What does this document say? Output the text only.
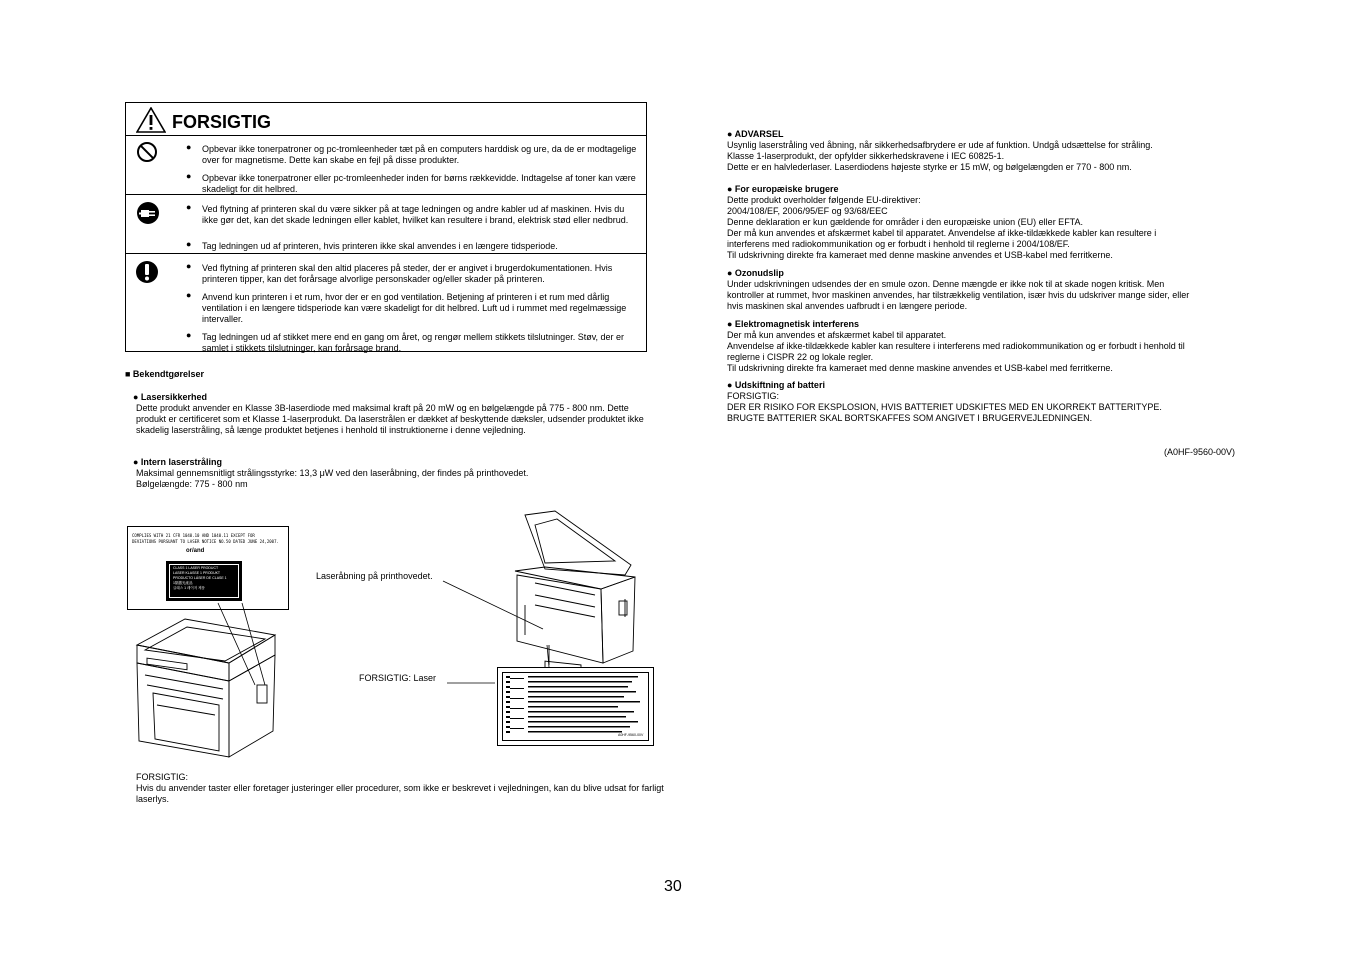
FORSIGTIG
● Opbevar ikke tonerpatroner og pc-tromleenheder tæt på en computers harddisk og ure, da de er modtagelige over for magnetisme. Dette kan skabe en fejl på disse produkter.
● Opbevar ikke tonerpatroner eller pc-tromleenheder inden for børns rækkevidde. Indtagelse af toner kan være skadeligt for dit helbred.
● Ved flytning af printeren skal du være sikker på at tage ledningen og andre kabler ud af maskinen. Hvis du ikke gør det, kan det skade ledningen eller kablet, hvilket kan resultere i brand, elektrisk stød eller nedbrud.
● Tag ledningen ud af printeren, hvis printeren ikke skal anvendes i en længere tidsperiode.
● Ved flytning af printeren skal den altid placeres på steder, der er angivet i brugerdokumentationen. Hvis printeren tipper, kan det forårsage alvorlige personskader og/eller skader på printeren.
● Anvend kun printeren i et rum, hvor der er en god ventilation. Betjening af printeren i et rum med dårlig ventilation i en længere tidsperiode kan være skadeligt for dit helbred. Luft ud i rummet med regelmæssige intervaller.
● Tag ledningen ud af stikket mere end en gang om året, og rengør mellem stikkets tilslutninger. Støv, der er samlet i stikkets tilslutninger, kan forårsage brand.
■ Bekendtgørelser
● Lasersikkerhed
Dette produkt anvender en Klasse 3B-laserdiode med maksimal kraft på 20 mW og en bølgelængde på 775 - 800 nm. Dette produkt er certificeret som et Klasse 1-laserprodukt. Da laserstrålen er dækket af beskyttende dæksler, udsender produktet ikke skadelig laserstråling, så længe produktet betjenes i henhold til instruktionerne i denne vejledning.
● Intern laserstråling
Maksimal gennemsnitligt strålingsstyrke: 13,3 μW ved den laseråbning, der findes på printhovedet.
Bølgelængde: 775 - 800 nm
COMPLIES WITH 21 CFR 1040.10 AND 1040.11 EXCEPT FOR
DEVIATIONS PURSUANT TO LASER NOTICE NO.50 DATED JUNE 24,2007.
or/and
CLASS 1 LASER PRODUCT
LASER KLASSE 1 PRODUKT
PRODUCTO LÁSER DE CLASE 1
1類激光產品
클래스 1 레이저 제품
Laseråbning på printhovedet.
FORSIGTIG: Laser
A0HF-9560-00V
FORSIGTIG:
Hvis du anvender taster eller foretager justeringer eller procedurer, som ikke er beskrevet i vejledningen, kan du blive udsat for farligt laserlys.
● ADVARSEL
Usynlig laserstråling ved åbning, når sikkerhedsafbrydere er ude af funktion. Undgå udsættelse for stråling.
Klasse 1-laserprodukt, der opfylder sikkerhedskravene i IEC 60825-1.
Dette er en halvlederlaser. Laserdiodens højeste styrke er 15 mW, og bølgelængden er 770 - 800 nm.
● For europæiske brugere
Dette produkt overholder følgende EU-direktiver:
2004/108/EF, 2006/95/EF og 93/68/EEC
Denne deklaration er kun gældende for områder i den europæiske union (EU) eller EFTA.
Der må kun anvendes et afskærmet kabel til apparatet. Anvendelse af ikke-tildækkede kabler kan resultere i
interferens med radiokommunikation og er forbudt i henhold til reglerne i 2004/108/EF.
Til udskrivning direkte fra kameraet med denne maskine anvendes et USB-kabel med ferritkerne.
● Ozonudslip
Under udskrivningen udsendes der en smule ozon. Denne mængde er ikke nok til at skade nogen kritisk. Men
kontroller at rummet, hvor maskinen anvendes, har tilstrækkelig ventilation, især hvis du udskriver mange sider, eller
hvis maskinen skal anvendes uafbrudt i en længere periode.
● Elektromagnetisk interferens
Der må kun anvendes et afskærmet kabel til apparatet.
Anvendelse af ikke-tildækkede kabler kan resultere i interferens med radiokommunikation og er forbudt i henhold til
reglerne i CISPR 22 og lokale regler.
Til udskrivning direkte fra kameraet med denne maskine anvendes et USB-kabel med ferritkerne.
● Udskiftning af batteri
FORSIGTIG:
DER ER RISIKO FOR EKSPLOSION, HVIS BATTERIET UDSKIFTES MED EN UKORREKT BATTERITYPE.
BRUGTE BATTERIER SKAL BORTSKAFFES SOM ANGIVET I BRUGERVEJLEDNINGEN.
(A0HF-9560-00V)
30
